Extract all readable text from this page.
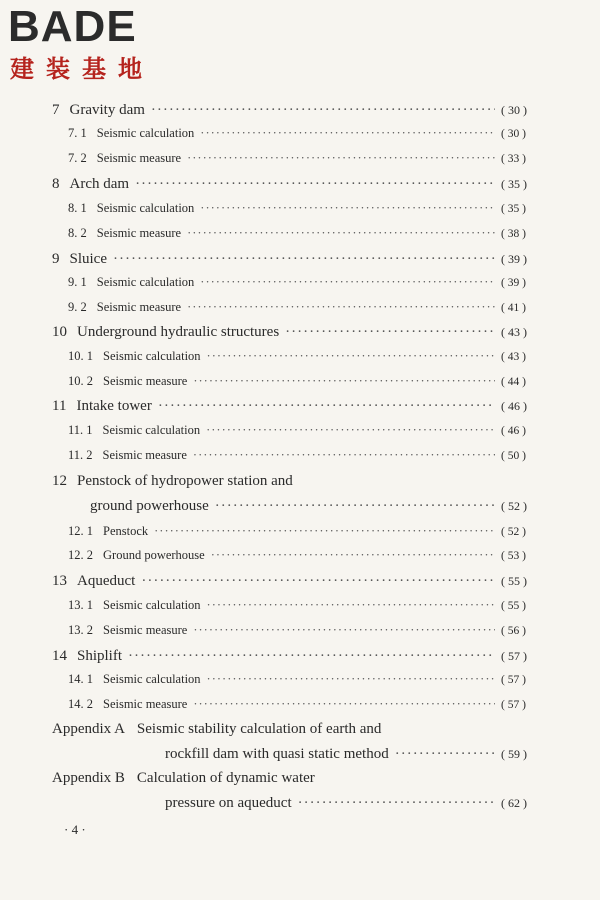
BADE
建装基地
7 Gravity dam ·····	( 30 )
7. 1 Seismic calculation ·····	( 30 )
7. 2 Seismic measure ·····	( 33 )
8 Arch dam ·····	( 35 )
8. 1 Seismic calculation ·····	( 35 )
8. 2 Seismic measure ·····	( 38 )
9 Sluice ·····	( 39 )
9. 1 Seismic calculation ·····	( 39 )
9. 2 Seismic measure ·····	( 41 )
10 Underground hydraulic structures ·····	( 43 )
10. 1 Seismic calculation ·····	( 43 )
10. 2 Seismic measure ·····	( 44 )
11 Intake tower ·····	( 46 )
11. 1 Seismic calculation ·····	( 46 )
11. 2 Seismic measure ·····	( 50 )
12 Penstock of hydropower station and
ground powerhouse ·····	( 52 )
12. 1 Penstock ·····	( 52 )
12. 2 Ground powerhouse ·····	( 53 )
13 Aqueduct ·····	( 55 )
13. 1 Seismic calculation ·····	( 55 )
13. 2 Seismic measure ·····	( 56 )
14 Shiplift ·····	( 57 )
14. 1 Seismic calculation ·····	( 57 )
14. 2 Seismic measure ·····	( 57 )
Appendix A Seismic stability calculation of earth and
rockfill dam with quasi static method ·····	( 59 )
Appendix B Calculation of dynamic water
pressure on aqueduct ·····	( 62 )
· 4 ·
